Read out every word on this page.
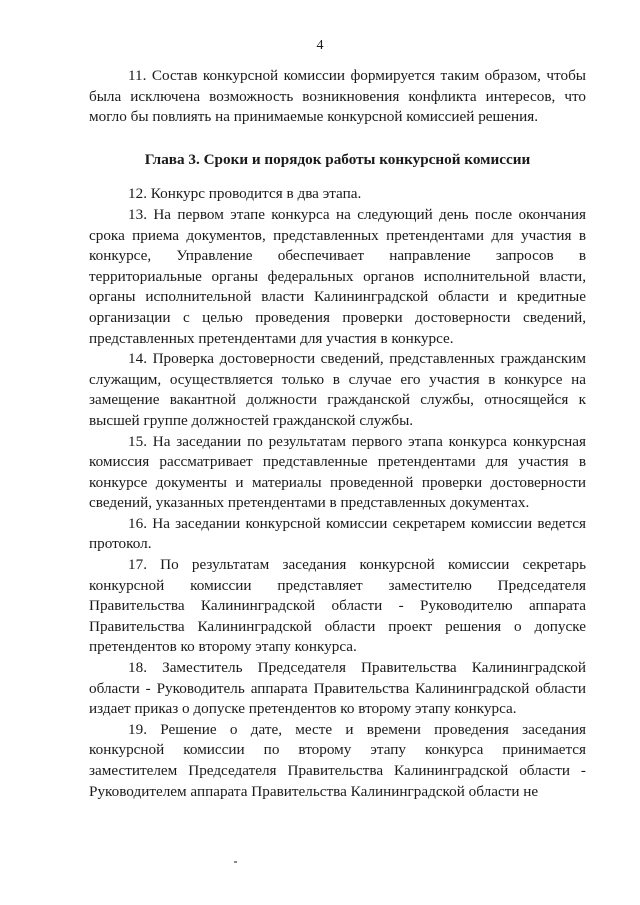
4

11. Состав конкурсной комиссии формируется таким образом, чтобы была исключена возможность возникновения конфликта интересов, что могло бы повлиять на принимаемые конкурсной комиссией решения.

Глава 3. Сроки и порядок работы конкурсной комиссии

12. Конкурс проводится в два этапа.

13. На первом этапе конкурса на следующий день после окончания срока приема документов, представленных претендентами для участия в конкурсе, Управление обеспечивает направление запросов в территориальные органы федеральных органов исполнительной власти, органы исполнительной власти Калининградской области и кредитные организации с целью проведения проверки достоверности сведений, представленных претендентами для участия в конкурсе.

14. Проверка достоверности сведений, представленных гражданским служащим, осуществляется только в случае его участия в конкурсе на замещение вакантной должности гражданской службы, относящейся к высшей группе должностей гражданской службы.

15. На заседании по результатам первого этапа конкурса конкурсная комиссия рассматривает представленные претендентами для участия в конкурсе документы и материалы проведенной проверки достоверности сведений, указанных претендентами в представленных документах.

16. На заседании конкурсной комиссии секретарем комиссии ведется протокол.

17. По результатам заседания конкурсной комиссии секретарь конкурсной комиссии представляет заместителю Председателя Правительства Калининградской области - Руководителю аппарата Правительства Калининградской области проект решения о допуске претендентов ко второму этапу конкурса.

18. Заместитель Председателя Правительства Калининградской области - Руководитель аппарата Правительства Калининградской области издает приказ о допуске претендентов ко второму этапу конкурса.

19. Решение о дате, месте и времени проведения заседания конкурсной комиссии по второму этапу конкурса принимается заместителем Председателя Правительства Калининградской области - Руководителем аппарата Правительства Калининградской области не
